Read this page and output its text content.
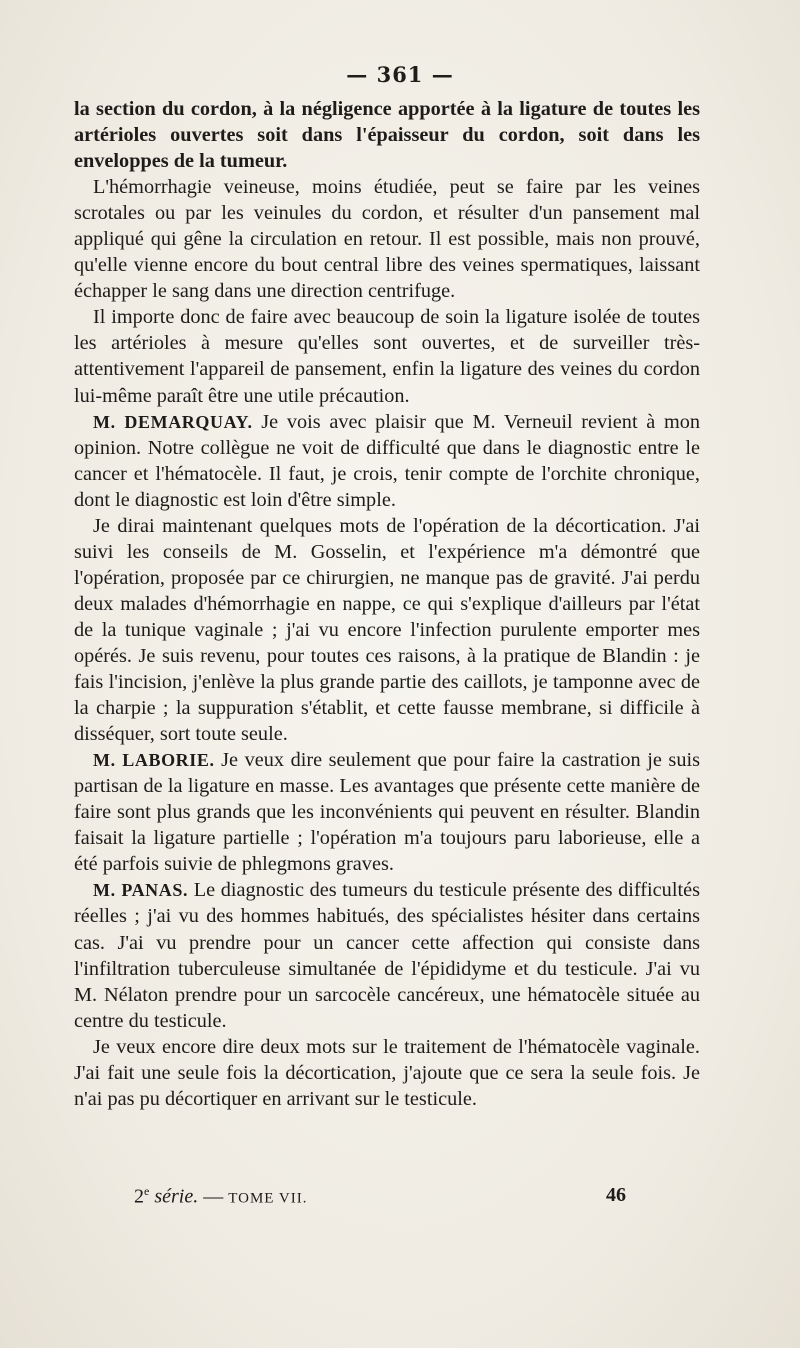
— 361 —

la section du cordon, à la négligence apportée à la ligature de toutes les artérioles ouvertes soit dans l'épaisseur du cordon, soit dans les enveloppes de la tumeur.

L'hémorrhagie veineuse, moins étudiée, peut se faire par les veines scrotales ou par les veinules du cordon, et résulter d'un pansement mal appliqué qui gêne la circulation en retour. Il est possible, mais non prouvé, qu'elle vienne encore du bout central libre des veines spermatiques, laissant échapper le sang dans une direction centrifuge.

Il importe donc de faire avec beaucoup de soin la ligature isolée de toutes les artérioles à mesure qu'elles sont ouvertes, et de surveiller très-attentivement l'appareil de pansement, enfin la ligature des veines du cordon lui-même paraît être une utile précaution.

M. DEMARQUAY. Je vois avec plaisir que M. Verneuil revient à mon opinion. Notre collègue ne voit de difficulté que dans le diagnostic entre le cancer et l'hématocèle. Il faut, je crois, tenir compte de l'orchite chronique, dont le diagnostic est loin d'être simple.

Je dirai maintenant quelques mots de l'opération de la décortication. J'ai suivi les conseils de M. Gosselin, et l'expérience m'a démontré que l'opération, proposée par ce chirurgien, ne manque pas de gravité. J'ai perdu deux malades d'hémorrhagie en nappe, ce qui s'explique d'ailleurs par l'état de la tunique vaginale ; j'ai vu encore l'infection purulente emporter mes opérés. Je suis revenu, pour toutes ces raisons, à la pratique de Blandin : je fais l'incision, j'enlève la plus grande partie des caillots, je tamponne avec de la charpie ; la suppuration s'établit, et cette fausse membrane, si difficile à disséquer, sort toute seule.

M. LABORIE. Je veux dire seulement que pour faire la castration je suis partisan de la ligature en masse. Les avantages que présente cette manière de faire sont plus grands que les inconvénients qui peuvent en résulter. Blandin faisait la ligature partielle ; l'opération m'a toujours paru laborieuse, elle a été parfois suivie de phlegmons graves.

M. PANAS. Le diagnostic des tumeurs du testicule présente des difficultés réelles ; j'ai vu des hommes habitués, des spécialistes hésiter dans certains cas. J'ai vu prendre pour un cancer cette affection qui consiste dans l'infiltration tuberculeuse simultanée de l'épididyme et du testicule. J'ai vu M. Nélaton prendre pour un sarcocèle cancéreux, une hématocèle située au centre du testicule.

Je veux encore dire deux mots sur le traitement de l'hématocèle vaginale. J'ai fait une seule fois la décortication, j'ajoute que ce sera la seule fois. Je n'ai pas pu décortiquer en arrivant sur le testicule.

2e série. — TOME VII.	46
